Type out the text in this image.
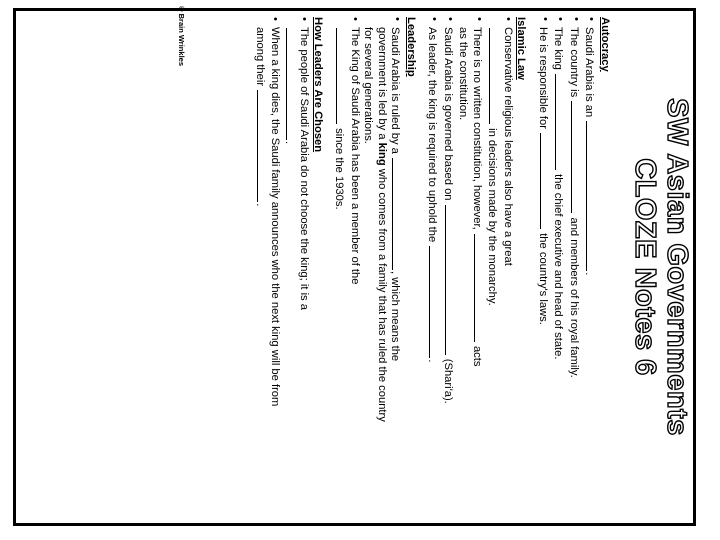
© Brain Wrinkles

SW Asian Governments

CLOZE Notes 6

Autocracy

• Saudi Arabia is an .
• The country is  and members of his royal family.
• The king  the chief executive and head of state.
• He is responsible for  the country's laws.

Islamic Law

• Conservative religious leaders also have a great
in decisions made by the monarchy.
• There is no written constitution, however,  acts
as the constitution.
• Saudi Arabia is governed based on  (Shari'a).
• As leader, the king is required to uphold the .

Leadership

• Saudi Arabia is ruled by a , which means the
government is led by a king who comes from a family that has ruled the country
for several generations.
• The King of Saudi Arabia has been a member of the
since the 1930s.

How Leaders Are Chosen

• The people of Saudi Arabia do not choose the king; it is a
.
• When a king dies, the Saudi family announces who the next king will be from
among their .
